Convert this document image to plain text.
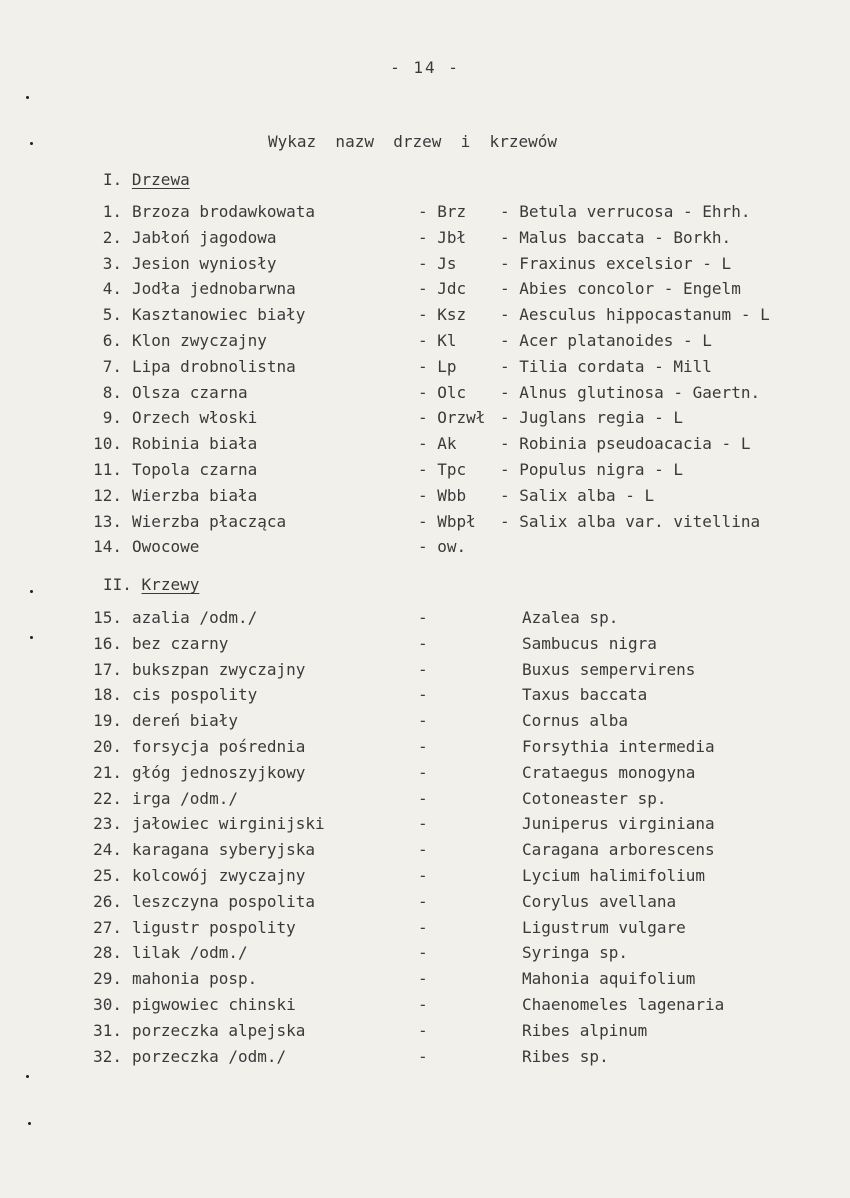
- 14 -
Wykaz  nazw  drzew  i  krzewów
I. Drzewa
1. Brzoza brodawkowata	- Brz - Betula verrucosa - Ehrh.
2. Jabłoń jagodowa	- Jbł - Malus baccata - Borkh.
3. Jesion wyniosły	- Js	- Fraxinus excelsior - L
4. Jodła jednobarwna	- Jdc - Abies concolor - Engelm
5. Kasztanowiec biały	- Ksz - Aesculus hippocastanum - L
6. Klon zwyczajny	- Kl	- Acer platanoides - L
7. Lipa drobnolistna	- Lp	- Tilia cordata - Mill
8. Olsza czarna	- Olc - Alnus glutinosa - Gaertn.
9. Orzech włoski	- Orzwł - Juglans regia - L
10. Robinia biała	- Ak	- Robinia pseudoacacia - L
11. Topola czarna	- Tpc - Populus nigra - L
12. Wierzba biała	- Wbb - Salix alba - L
13. Wierzba płacząca	- Wbpł - Salix alba var. vitellina
14. Owocowe	- ow.
II. Krzewy
15. azalia /odm./	-	Azalea sp.
16. bez czarny	-	Sambucus nigra
17. bukszpan zwyczajny	-	Buxus sempervirens
18. cis pospolity	-	Taxus baccata
19. dereń biały	-	Cornus alba
20. forsycja pośrednia	-	Forsythia intermedia
21. głóg jednoszyjkowy	-	Crataegus monogyna
22. irga /odm./	-	Cotoneaster sp.
23. jałowiec wirginijski	-	Juniperus virginiana
24. karagana syberyjska	-	Caragana arborescens
25. kolcowój zwyczajny	-	Lycium halimifolium
26. leszczyna pospolita	-	Corylus avellana
27. ligustr pospolity	-	Ligustrum vulgare
28. lilak /odm./	-	Syringa sp.
29. mahonia posp.	-	Mahonia aquifolium
30. pigwowiec chinski	-	Chaenomeles lagenaria
31. porzeczka alpejska	-	Ribes alpinum
32. porzeczka /odm./	-	Ribes sp.
